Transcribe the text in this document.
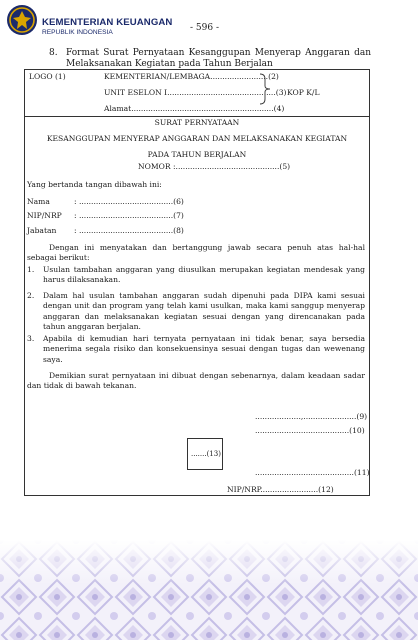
KEMENTERIAN KEUANGAN
REPUBLIK INDONESIA	- 596 -
8. Format Surat Pernyataan Kesanggupan Menyerap Anggaran dan Melaksanakan Kegiatan pada Tahun Berjalan
LOGO (1)	KEMENTERIAN/LEMBAGA........................(2)
UNIT ESELON I.............................................(3)
Alamat...........................................................(4)
KOP K/L
SURAT PERNYATAAN
KESANGGUPAN MENYERAP ANGGARAN DAN MELAKSANAKAN KEGIATAN
PADA TAHUN BERJALAN
NOMOR :...........................................(5)
Yang bertanda tangan dibawah ini:
Nama	: .......................................(6)
NIP/NRP : .......................................(7)
Jabatan : .......................................(8)
Dengan ini menyatakan dan bertanggung jawab secara penuh atas hal-hal sebagai berikut:
1. Usulan tambahan anggaran yang diusulkan merupakan kegiatan mendesak yang harus dilaksanakan.
2. Dalam hal usulan tambahan anggaran sudah dipenuhi pada DIPA kami sesuai dengan unit dan program yang telah kami usulkan, maka kami sanggup menyerap anggaran dan melaksanakan kegiatan sesuai dengan yang direncanakan pada tahun anggaran berjalan.
3. Apabila di kemudian hari ternyata pernyataan ini tidak benar, saya bersedia menerima segala risiko dan konsekuensinya sesuai dengan tugas dan wewenang saya.
Demikian surat pernyataan ini dibuat dengan sebenarnya, dalam keadaan sadar dan tidak di bawah tekanan.
...................,......................(9)
.......................................(10)
.......(13)
.........................................(11)
NIP/NRP........................(12)
